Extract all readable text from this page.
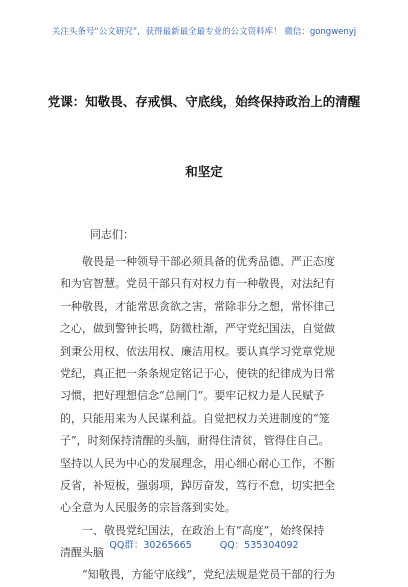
关注头条号“公文研究”，获得最新最全最专业的公文资料库！ 微信：gongwenyj
党课：知敬畏、存戒惧、守底线，始终保持政治上的清醒
和坚定
同志们：
　　敬畏是一种领导干部必须具备的优秀品德、严正态度
和为官智慧。党员干部只有对权力有一种敬畏，对法纪有
一种敬畏，才能常思贪欲之害，常除非分之想，常怀律己
之心，做到警钟长鸣，防微杜渐，严守党纪国法，自觉做
到秉公用权、依法用权、廉洁用权。要认真学习党章党规
党纪，真正把一条条规定铭记于心，使铁的纪律成为日常
习惯，把好理想信念“总闸门”。要牢记权力是人民赋予
的，只能用来为人民谋利益。自觉把权力关进制度的“笼
子”，时刻保持清醒的头脑，耐得住清贫，管得住自己。
坚持以人民为中心的发展理念，用心细心耐心工作，不断
反省，补短板，强弱项，踔厉奋发，笃行不怠，切实把全
心全意为人民服务的宗旨落到实处。
　　一、敬畏党纪国法，在政治上有“高度”，始终保持
清醒头脑
　　“知敬畏，方能守底线”，党纪法规是党员干部的行为
QQ群：30265665	QQ：535304092
